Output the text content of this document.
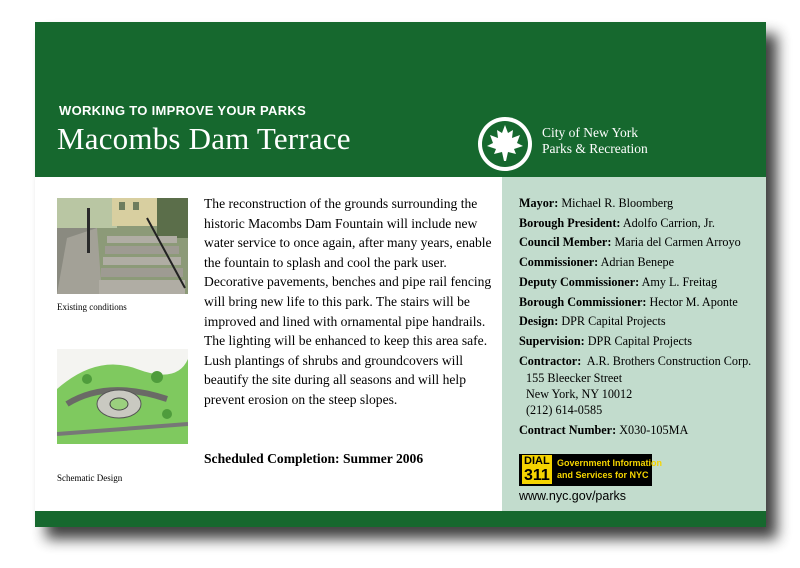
WORKING TO IMPROVE YOUR PARKS
Macombs Dam Terrace	City of New York
Parks & Recreation
Existing conditions
Schematic Design
The reconstruction of the grounds surrounding the historic Macombs Dam Fountain will include new water service to once again, after many years, enable the fountain to splash and cool the park user. Decorative pavements, benches and pipe rail fencing will bring new life to this park. The stairs will be improved and lined with ornamental pipe handrails. The lighting will be enhanced to keep this area safe. Lush plantings of shrubs and groundcovers will beautify the site during all seasons and will help prevent erosion on the steep slopes.
Scheduled Completion: Summer 2006
Mayor: Michael R. Bloomberg
Borough President: Adolfo Carrion, Jr.
Council Member: Maria del Carmen Arroyo
Commissioner: Adrian Benepe
Deputy Commissioner: Amy L. Freitag
Borough Commissioner: Hector M. Aponte
Design: DPR Capital Projects
Supervision: DPR Capital Projects
Contractor: A.R. Brothers Construction Corp.
155 Bleecker Street
New York, NY 10012
(212) 614-0585
Contract Number: X030-105MA
DIAL
311
Government Information
and Services for NYC
www.nyc.gov/parks
